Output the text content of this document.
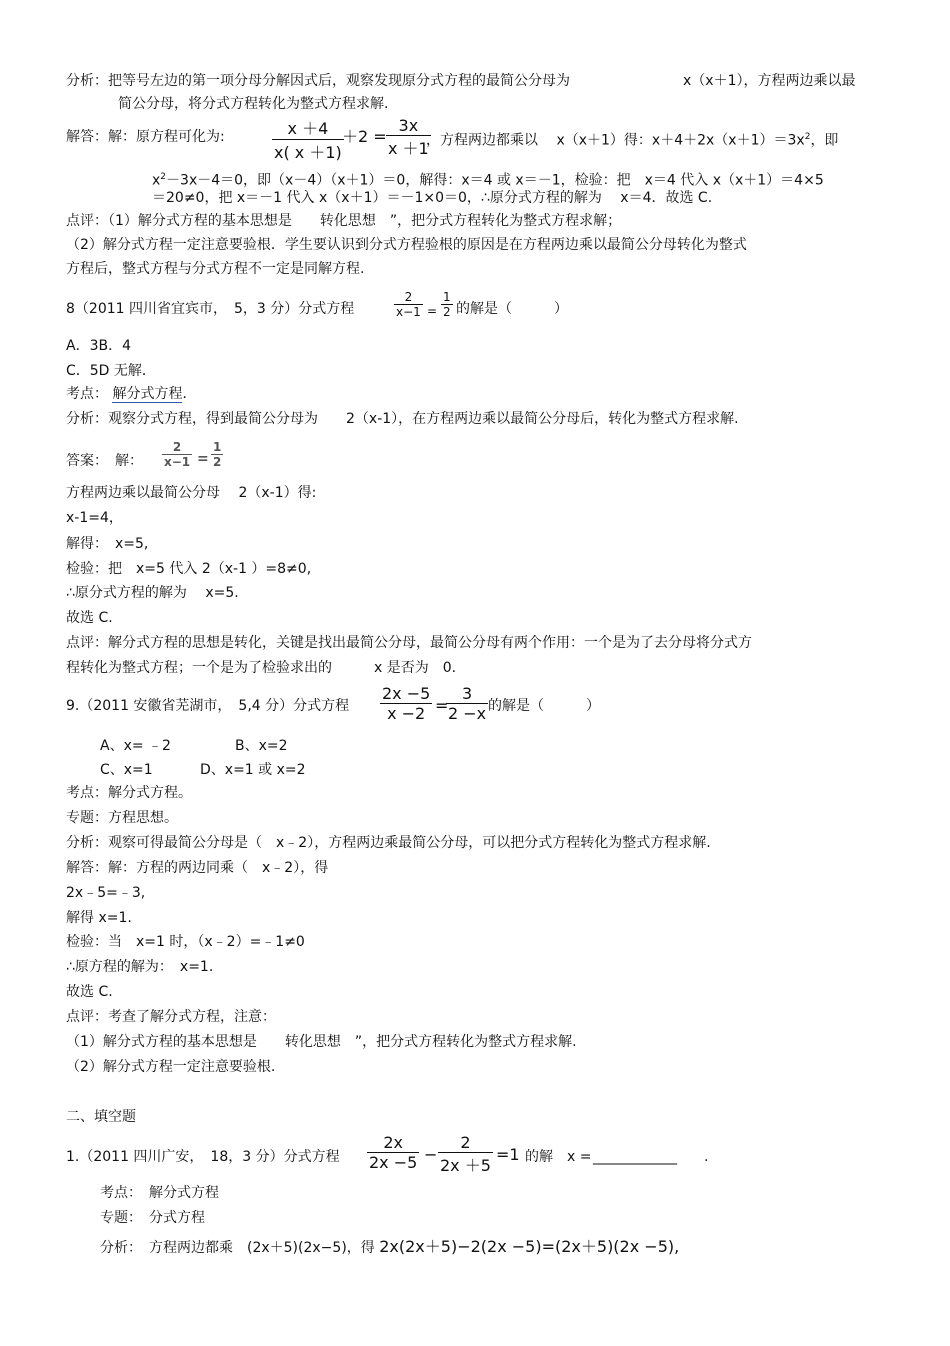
分析：把等号左边的第一项分母分解因式后，观察发现原分式方程的最简公分母为	x（x＋1），方程两边乘以最
简公分母，将分式方程转化为整式方程求解.
解答：解：原方程可化为:	$\frac{x +4}{x( x +1)}$
$+2 = \frac{3x}{x +1}$
，方程两边都乘以　 x（x＋1）得：$x+4+2x(x+1)=3x^2$，即
$x^2-3x-4=0$，即（x－4）（x＋1）＝0，解得：x＝4 或 x＝－1，检验：把　x＝4 代入 x（x＋1）＝4×5
＝20≠0，把 x＝－1 代入 x（x＋1）＝－1×0＝0，∴原分式方程的解为　 x＝4．故选 C.
点评：（1）解分式方程的基本思想是　　转化思想　”，把分式方程转化为整式方程求解；
（2）解分式方程一定注意要验根．学生要认识到分式方程验根的原因是在方程两边乘以最简公分母转化为整式
方程后，整式方程与分式方程不一定是同解方程.
8（2011 四川省宜宾市，　5，3 分）分式方程	$\frac{2}{x-1} = \frac{1}{2}$ 的解是（　　　）
A．3B．4
C．5D 无解．
考点： 解分式方程．
分析：观察分式方程，得到最简公分母为　　2（x-1），在方程两边乘以最简公分母后，转化为整式方程求解.
答案：　解： $\frac{2}{x-1} = \frac{1}{2}$
方程两边乘以最简公分母　 2（x-1）得:
x-1=4，
解得：　x=5,
检验：把　x=5 代入 2（x-1 ）=8≠0,
∴原分式方程的解为　 x=5.
故选 C.
点评：解分式方程的思想是转化，关键是找出最简公分母，最简公分母有两个作用：一个是为了去分母将分式方
程转化为整式方程；一个是为了检验求出的　　　x 是否为　0.
9.（2011 安徽省芜湖市，　5,4 分）分式方程 $\frac{2x -5}{x -2}$ =
$\frac{3}{2 -x}$ 的解是（　　　）
A、x= ﹣2	B、x=2
C、x=1	D、x=1 或 x=2
考点：解分式方程。
专题：方程思想。
分析：观察可得最简公分母是（　x﹣2），方程两边乘最简公分母，可以把分式方程转化为整式方程求解.
解答：解：方程的两边同乘（　x﹣2），得
2x﹣5=﹣3,
解得 x=1.
检验：当　x=1 时，（x﹣2）=﹣1≠0
∴原方程的解为：　x=1.
故选 C.
点评：考查了解分式方程，注意：
（1）解分式方程的基本思想是　　转化思想　”，把分式方程转化为整式方程求解.
（2）解分式方程一定注意要验根.
二、填空题
1.（2011 四川广安，　18，3 分）分式方程 $\frac{2x}{2x -5} - \frac{2}{2x +5} =1$ 的解　x = ____________ .
考点：　解分式方程
专题：　分式方程
分析：　方程两边都乘　(2x＋5)(2x−5)，得 2x(2x＋5)−2(2x −5)=(2x＋5)(2x −5),
